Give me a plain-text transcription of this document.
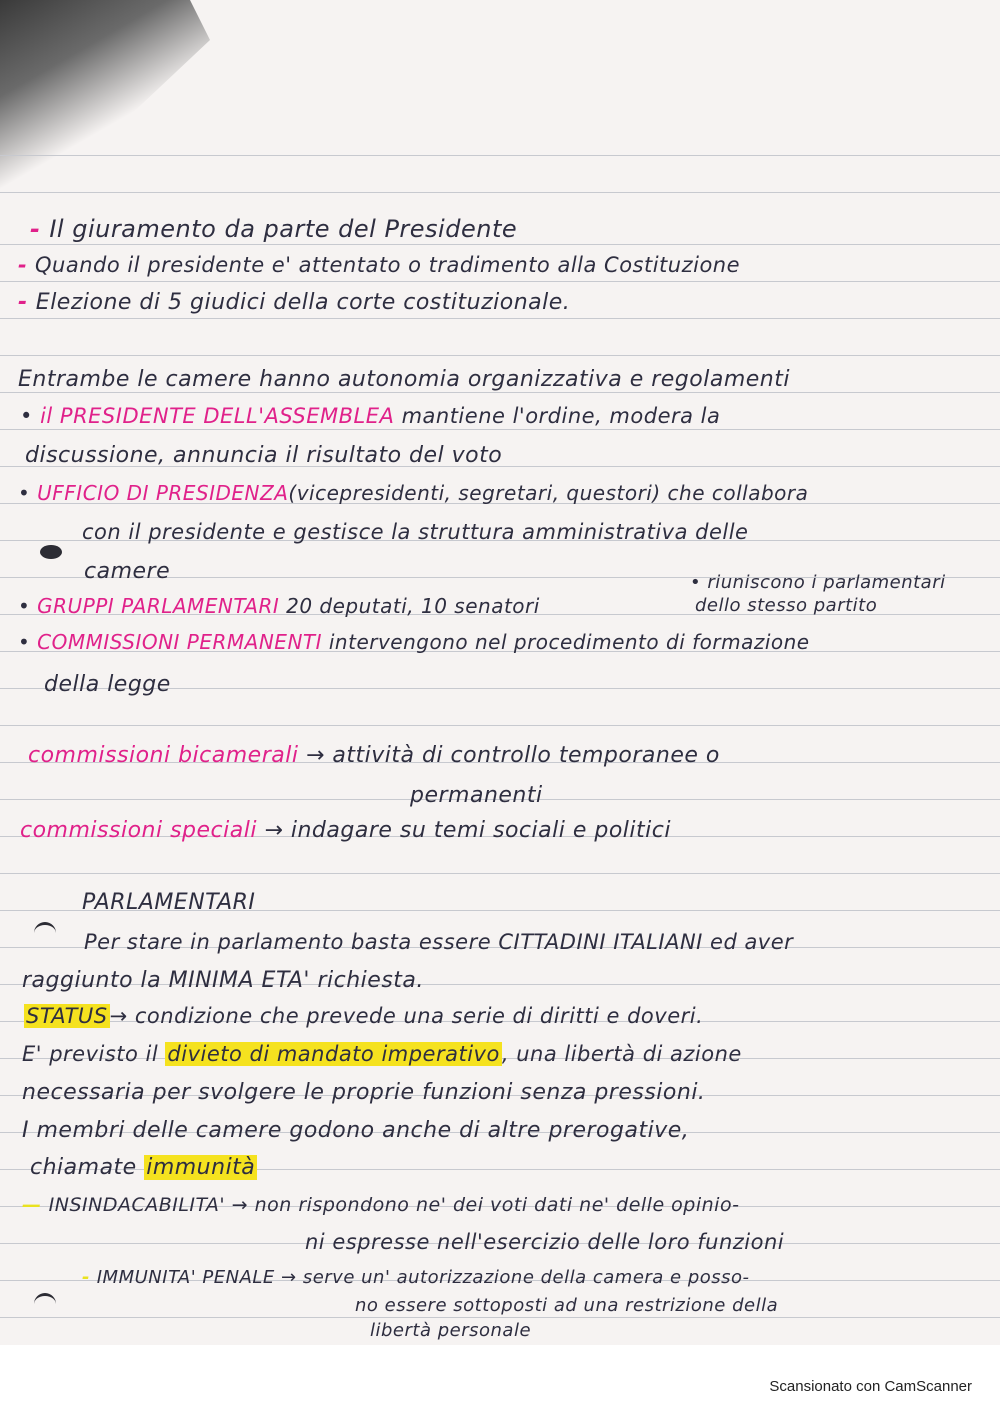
- Il giuramento da parte del Presidente
- Quando il presidente e' attentato o tradimento alla Costituzione
- Elezione di 5 giudici della corte costituzionale.
Entrambe le camere hanno autonomia organizzativa e regolamenti
• il PRESIDENTE DELL'ASSEMBLEA mantiene l'ordine, modera la
discussione, annuncia il risultato del voto
• UFFICIO DI PRESIDENZA(vicepresidenti, segretari, questori) che collabora
con il presidente e gestisce la struttura amministrativa delle
camere	• riuniscono i parlamentari
• GRUPPI PARLAMENTARI 20 deputati, 10 senatori	dello stesso partito
• COMMISSIONI PERMANENTI intervengono nel procedimento di formazione
della legge
commissioni bicamerali → attività di controllo temporanee o
permanenti
commissioni speciali → indagare su temi sociali e politici
PARLAMENTARI
Per stare in parlamento basta essere CITTADINI ITALIANI ed aver
raggiunto la MINIMA ETA' richiesta.
STATUS→ condizione che prevede una serie di diritti e doveri.
E' previsto il divieto di mandato imperativo, una libertà di azione
necessaria per svolgere le proprie funzioni senza pressioni.
I membri delle camere godono anche di altre prerogative,
chiamate immunità
— INSINDACABILITA' → non rispondono ne' dei voti dati ne' delle opinio-
ni espresse nell'esercizio delle loro funzioni
- IMMUNITA' PENALE → serve un' autorizzazione della camera e posso-
no essere sottoposti ad una restrizione della
libertà personale
Scansionato con CamScanner
